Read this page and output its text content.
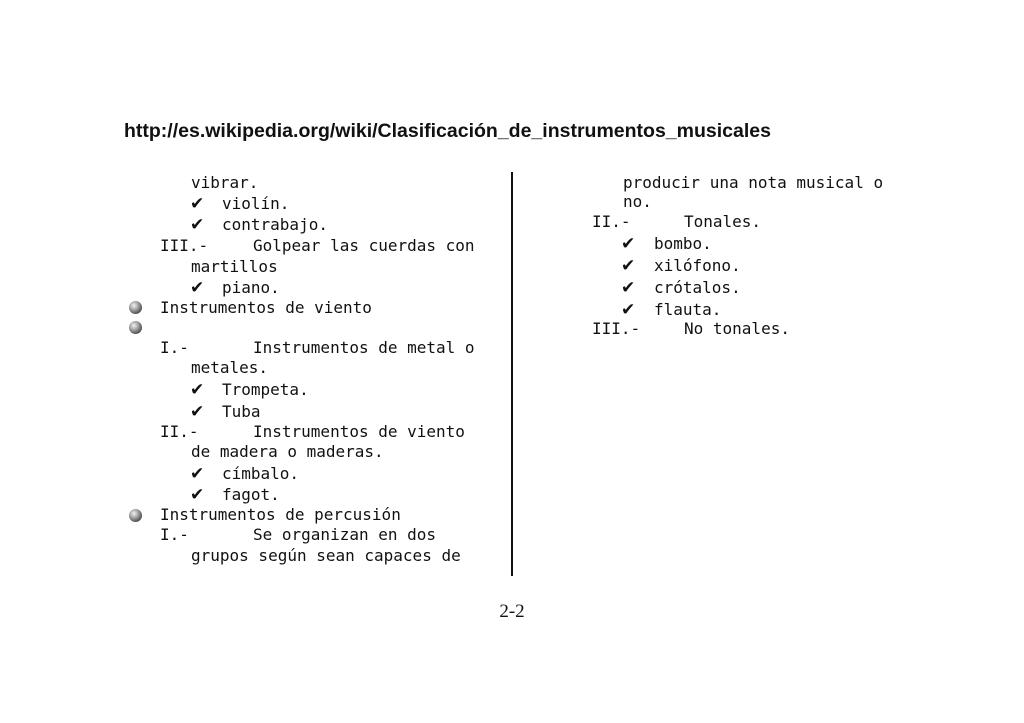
http://es.wikipedia.org/wiki/Clasificación_de_instrumentos_musicales
vibrar.
✔ violín.
✔ contrabajo.
III.-	Golpear las cuerdas con
martillos
✔ piano.
Instrumentos de viento
I.-	Instrumentos de metal o
metales.
✔ Trompeta.
✔ Tuba
II.-	Instrumentos de viento
de madera o maderas.
✔ címbalo.
✔ fagot.
Instrumentos de percusión
I.-	Se organizan en dos
grupos según sean capaces de
producir una nota musical o
no.
II.-	Tonales.
✔ bombo.
✔ xilófono.
✔ crótalos.
✔ flauta.
III.-	No tonales.
2-2
